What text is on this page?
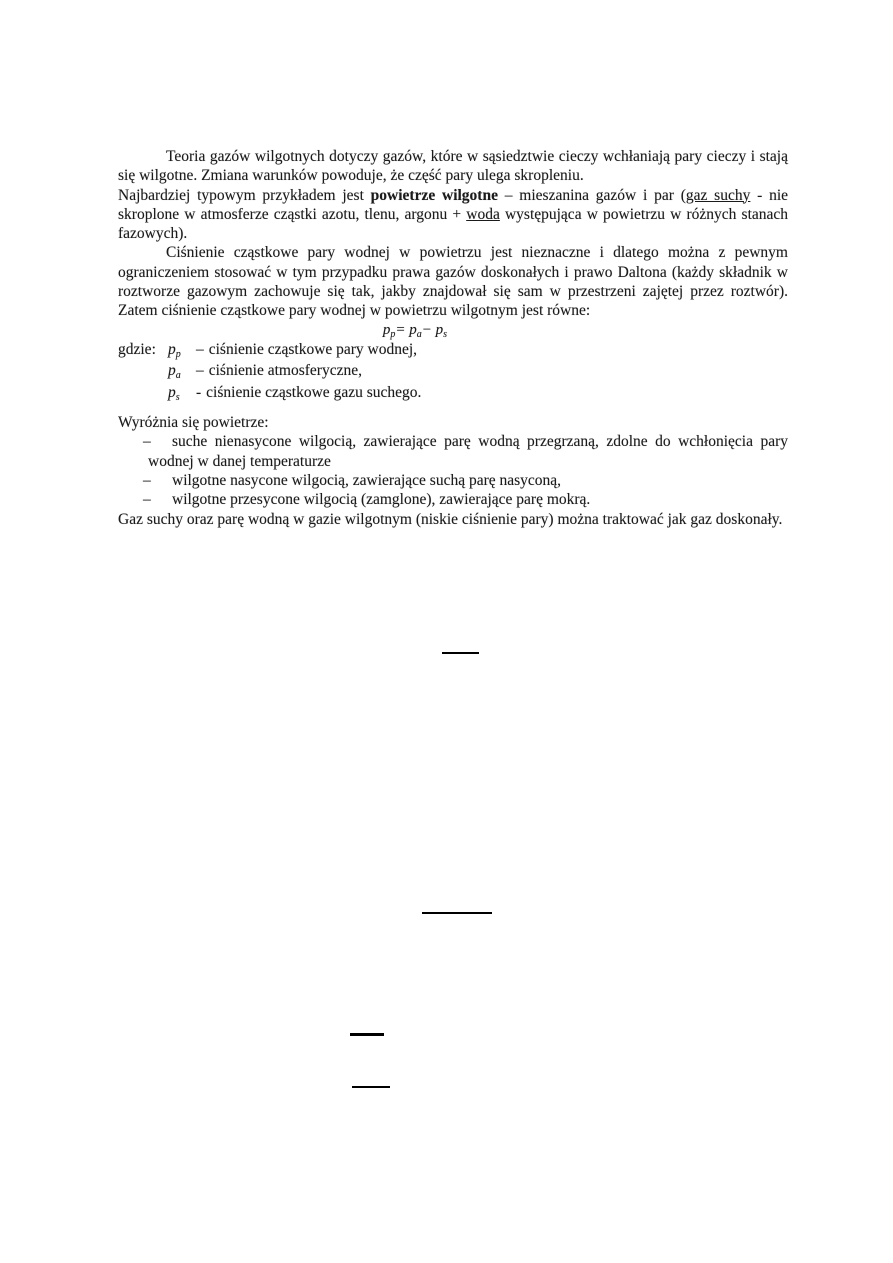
Teoria gazów wilgotnych dotyczy gazów, które w sąsiedztwie cieczy wchłaniają pary cieczy i stają się wilgotne. Zmiana warunków powoduje, że część pary ulega skropleniu.

Najbardziej typowym przykładem jest powietrze wilgotne – mieszanina gazów i par (gaz suchy - nie skroplone w atmosferze cząstki azotu, tlenu, argonu + woda występująca w powietrzu w różnych stanach fazowych).

Ciśnienie cząstkowe pary wodnej w powietrzu jest nieznaczne i dlatego można z pewnym ograniczeniem stosować w tym przypadku prawa gazów doskonałych i prawo Daltona (każdy składnik w roztworze gazowym zachowuje się tak, jakby znajdował się sam w przestrzeni zajętej przez roztwór). Zatem ciśnienie cząstkowe pary wodnej w powietrzu wilgotnym jest równe:

$p_p= p_a- p_s$
gdzie: $p_p$ – ciśnienie cząstkowe pary wodnej,
$p_a$ – ciśnienie atmosferyczne,
$p_s$ - ciśnienie cząstkowe gazu suchego.

Wyróżnia się powietrze:

– suche nienasycone wilgocią, zawierające parę wodną przegrzaną, zdolne do wchłonięcia pary wodnej w danej temperaturze
– wilgotne nasycone wilgocią, zawierające suchą parę nasyconą,
– wilgotne przesycone wilgocią (zamglone), zawierające parę mokrą.

Gaz suchy oraz parę wodną w gazie wilgotnym (niskie ciśnienie pary) można traktować jak gaz doskonały.
